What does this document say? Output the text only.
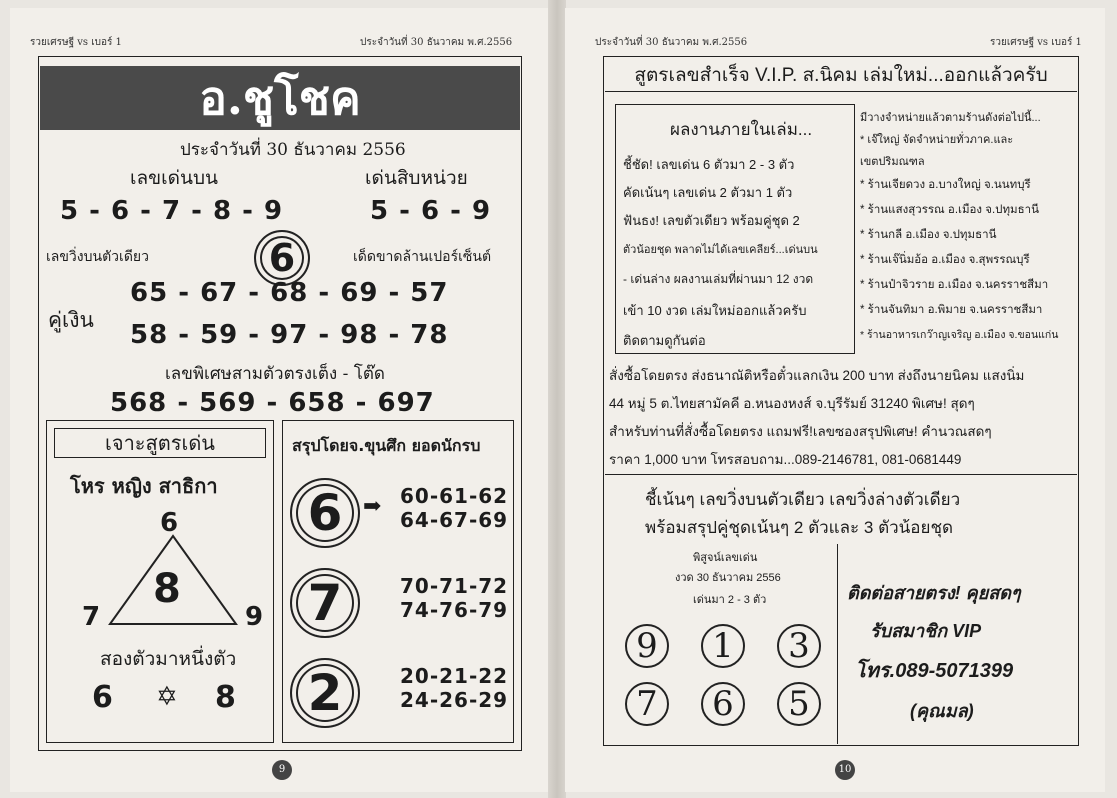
รวยเศรษฐี vs เบอร์ 1	ประจำวันที่ 30 ธันวาคม พ.ศ.2556
อ.ชูโชค
ประจำวันที่ 30 ธันวาคม 2556
เลขเด่นบน	เด่นสิบหน่วย
5 - 6 - 7 - 8 - 9	5 - 6 - 9
เลขวิ่งบนตัวเดียว	6	เด็ดขาดล้านเปอร์เซ็นต์
65 - 67 - 68 - 69 - 57
คู่เงิน 58 - 59 - 97 - 98 - 78
เลขพิเศษสามตัวตรงเต็ง - โต๊ด
568 - 569 - 658 - 697
เจาะสูตรเด่น
โหร หญิง สาธิกา
6
8
7	9
สองตัวมาหนึ่งตัว
6 ✡ 8
สรุปโดยจ.ขุนศึก ยอดนักรบ
6 ➡ 60-61-62
64-67-69
7	70-71-72
74-76-79
2	20-21-22
24-26-29
9
ประจำวันที่ 30 ธันวาคม พ.ศ.2556	รวยเศรษฐี vs เบอร์ 1
สูตรเลขสำเร็จ V.I.P. ส.นิคม เล่มใหม่...ออกแล้วครับ
ผลงานภายในเล่ม...
ชี้ชัด! เลขเด่น 6 ตัวมา 2 - 3 ตัว
คัดเน้นๆ เลขเด่น 2 ตัวมา 1 ตัว
ฟันธง! เลขตัวเดียว พร้อมคู่ชุด 2
ตัวน้อยชุด พลาดไม่ได้เลขเคลียร์...เด่นบน
- เด่นล่าง ผลงานเล่มที่ผ่านมา 12 งวด
เข้า 10 งวด เล่มใหม่ออกแล้วครับ
ติดตามดูกันต่อ
มีวางจำหน่ายแล้วตามร้านดังต่อไปนี้...
* เจ๊ใหญ่ จัดจำหน่ายทั่วภาค.และ
เขตปริมณฑล
* ร้านเจียดวง อ.บางใหญ่ จ.นนทบุรี
* ร้านแสงสุวรรณ อ.เมือง จ.ปทุมธานี
* ร้านกลี อ.เมือง จ.ปทุมธานี
* ร้านเจ๊นิ่มอ้อ อ.เมือง จ.สุพรรณบุรี
* ร้านป๋าจิวราย อ.เมือง จ.นครราชสีมา
* ร้านจันทิมา อ.พิมาย จ.นครราชสีมา
* ร้านอาหารเกว๊าญเจริญ อ.เมือง จ.ขอนแก่น
สั่งซื้อโดยตรง ส่งธนาณัติหรือตั๋วแลกเงิน 200 บาท ส่งถึงนายนิคม แสงนิ่ม
44 หมู่ 5 ต.ไทยสามัคคี อ.หนองหงส์ จ.บุรีรัมย์ 31240 พิเศษ! สุดๆ
สำหรับท่านที่สั่งซื้อโดยตรง แถมฟรี!เลขซองสรุปพิเศษ! คำนวณสดๆ
ราคา 1,000 บาท โทรสอบถาม...089-2146781, 081-0681449
ชี้เน้นๆ เลขวิ่งบนตัวเดียว เลขวิ่งล่างตัวเดียว
พร้อมสรุปคู่ชุดเน้นๆ 2 ตัวและ 3 ตัวน้อยชุด
พิสูจน์เลขเด่น
งวด 30 ธันวาคม 2556
เด่นมา 2 - 3 ตัว
9	1	3
7	6	5
ติดต่อสายตรง! คุยสดๆ
รับสมาชิก VIP
โทร.089-5071399
(คุณมล)
10
